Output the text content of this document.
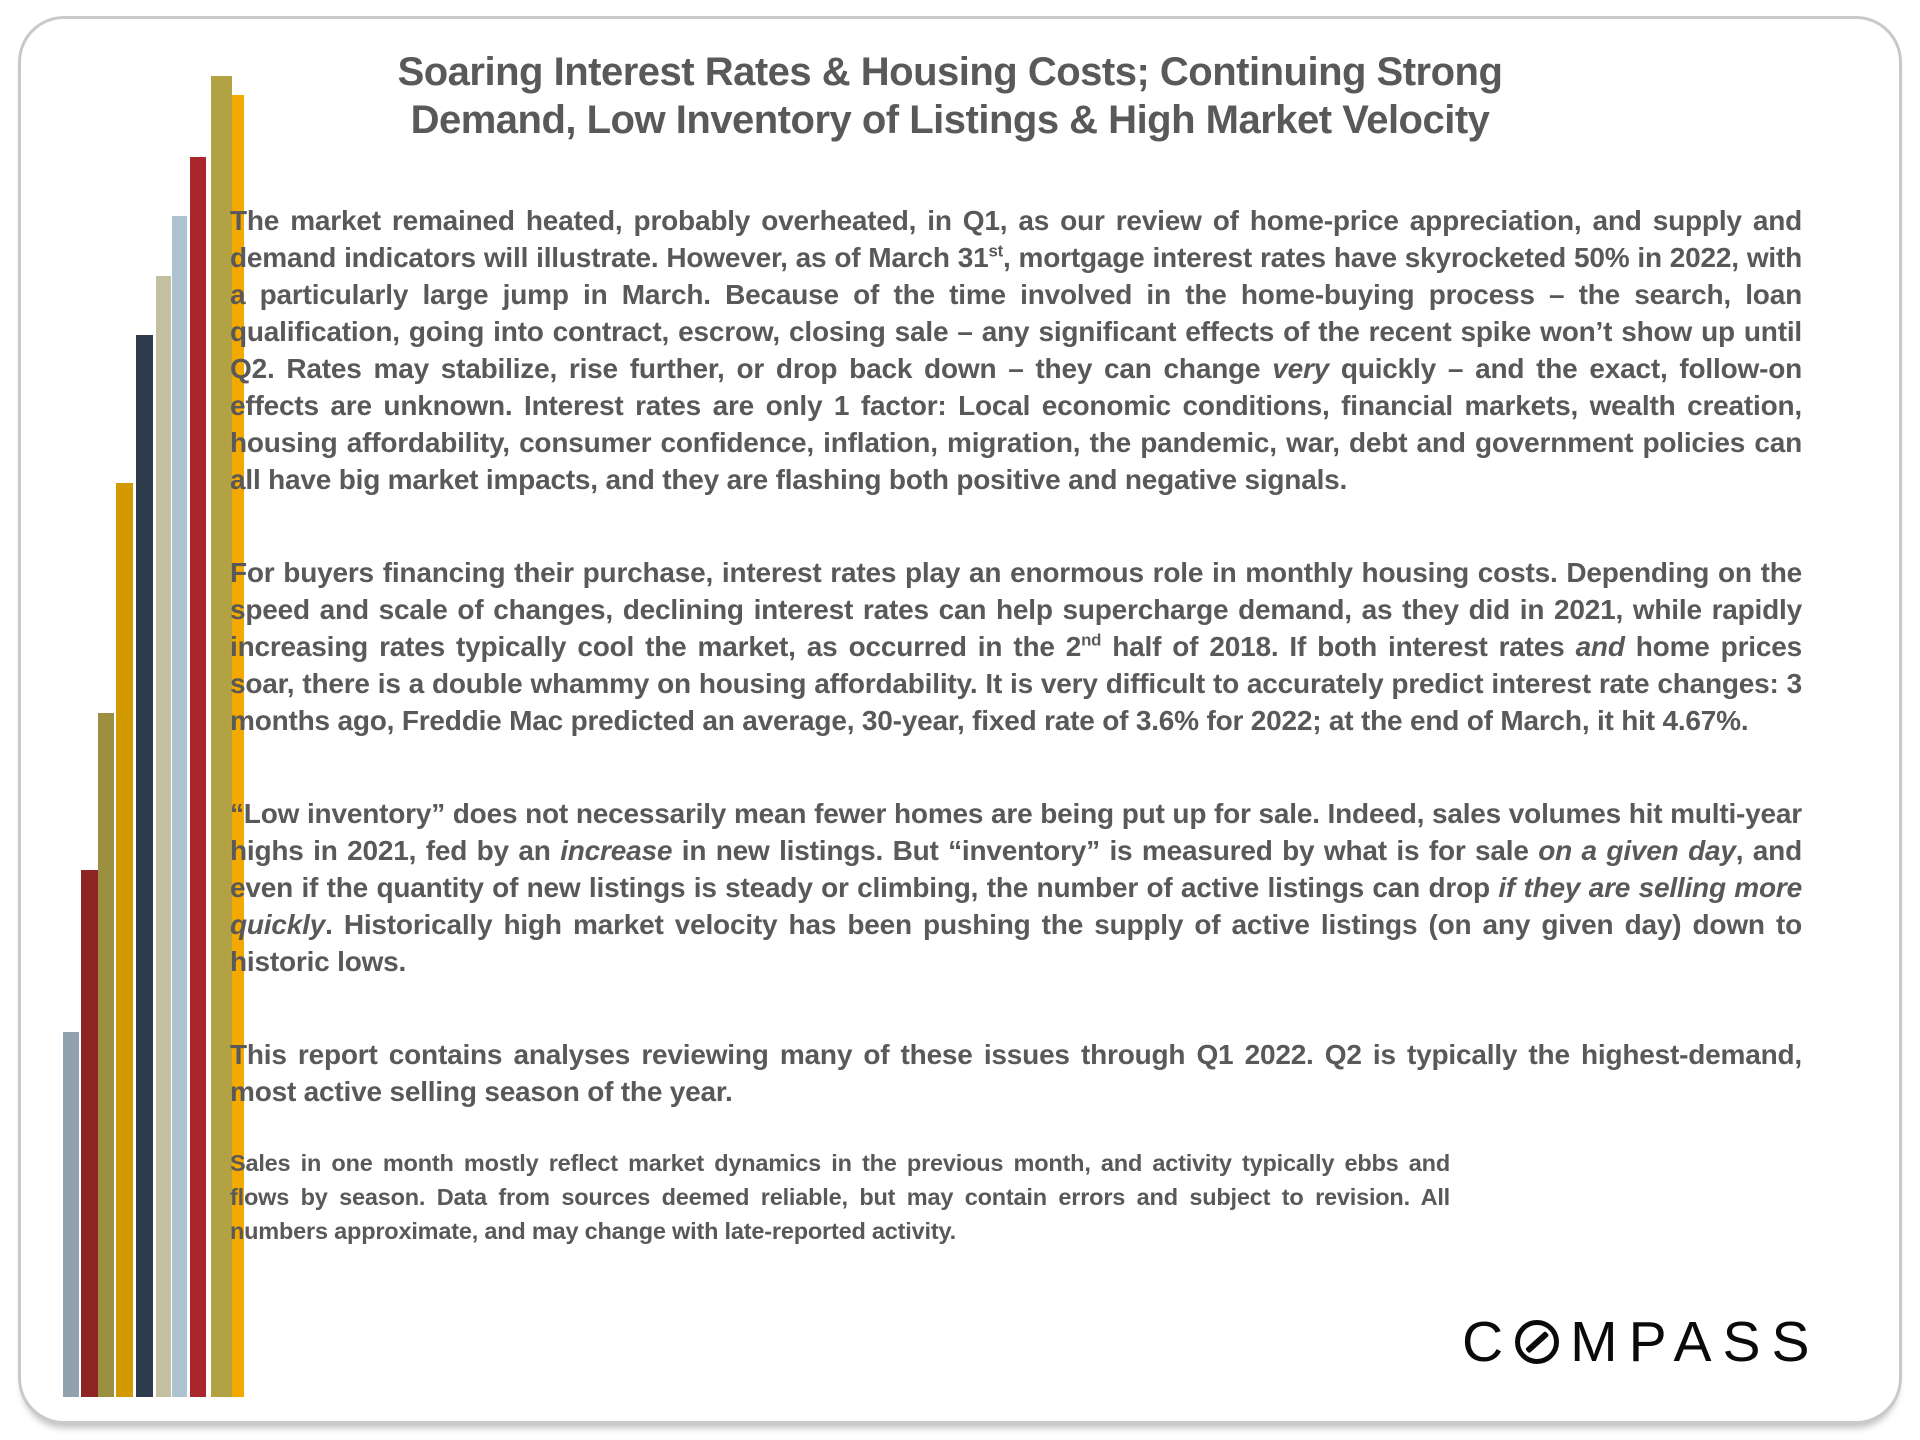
Soaring Interest Rates & Housing Costs; Continuing Strong
Demand, Low Inventory of Listings & High Market Velocity

The market remained heated, probably overheated, in Q1, as our review of home-price appreciation, and supply and demand indicators will illustrate. However, as of March 31st, mortgage interest rates have skyrocketed 50% in 2022, with a particularly large jump in March. Because of the time involved in the home-buying process – the search, loan qualification, going into contract, escrow, closing sale – any significant effects of the recent spike won’t show up until Q2. Rates may stabilize, rise further, or drop back down – they can change very quickly – and the exact, follow-on effects are unknown. Interest rates are only 1 factor: Local economic conditions, financial markets, wealth creation, housing affordability, consumer confidence, inflation, migration, the pandemic, war, debt and government policies can all have big market impacts, and they are flashing both positive and negative signals.

For buyers financing their purchase, interest rates play an enormous role in monthly housing costs. Depending on the speed and scale of changes, declining interest rates can help supercharge demand, as they did in 2021, while rapidly increasing rates typically cool the market, as occurred in the 2nd half of 2018. If both interest rates and home prices soar, there is a double whammy on housing affordability. It is very difficult to accurately predict interest rate changes: 3 months ago, Freddie Mac predicted an average, 30-year, fixed rate of 3.6% for 2022; at the end of March, it hit 4.67%.

“Low inventory” does not necessarily mean fewer homes are being put up for sale. Indeed, sales volumes hit multi-year highs in 2021, fed by an increase in new listings. But “inventory” is measured by what is for sale on a given day, and even if the quantity of new listings is steady or climbing, the number of active listings can drop if they are selling more quickly. Historically high market velocity has been pushing the supply of active listings (on any given day) down to historic lows.

This report contains analyses reviewing many of these issues through Q1 2022. Q2 is typically the highest-demand, most active selling season of the year.

Sales in one month mostly reflect market dynamics in the previous month, and activity typically ebbs and flows by season. Data from sources deemed reliable, but may contain errors and subject to revision. All numbers approximate, and may change with late-reported activity.

C MPASS
